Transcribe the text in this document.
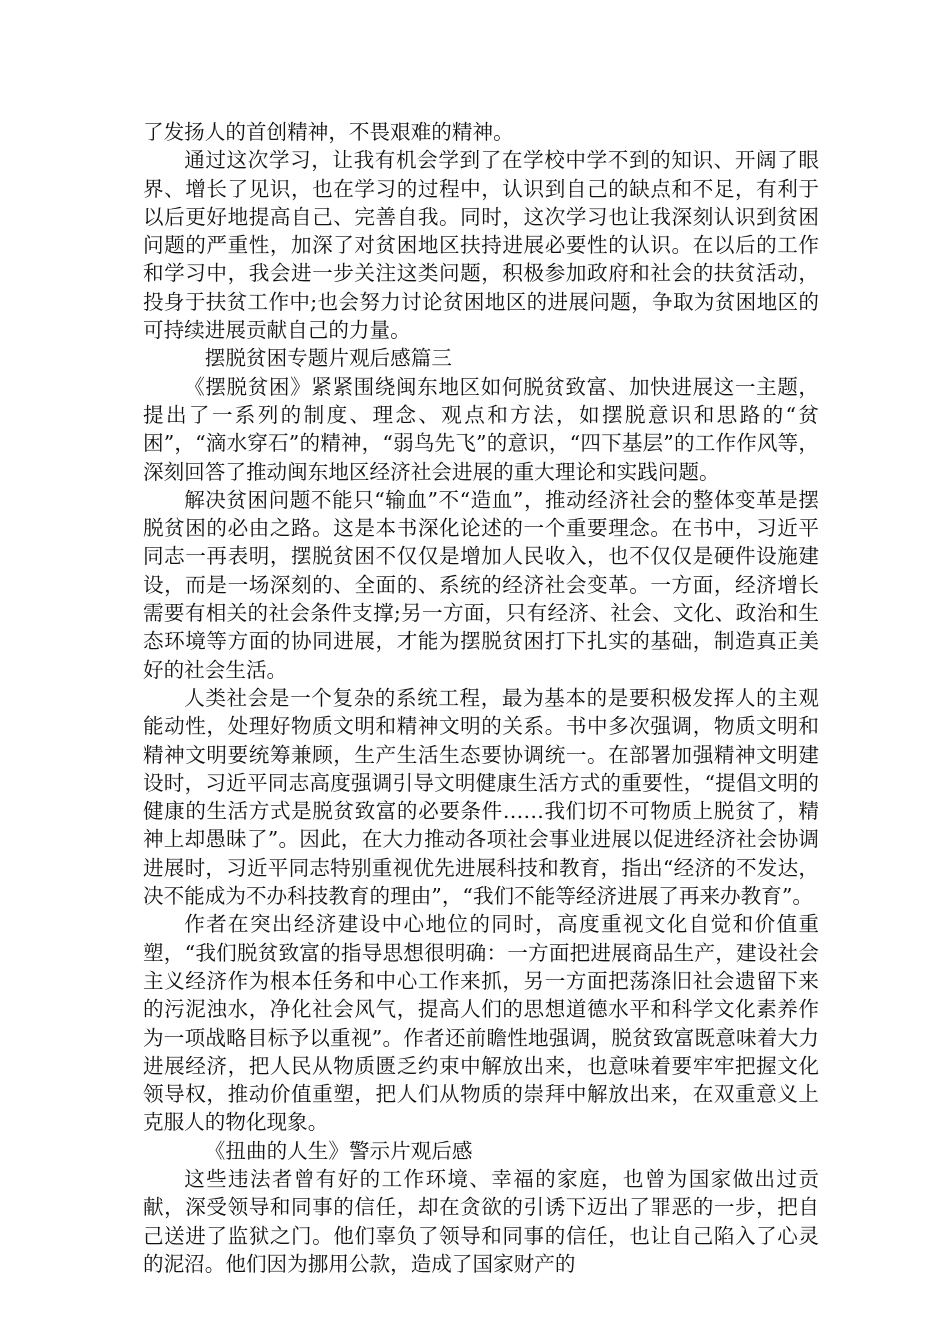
了发扬人的首创精神，不畏艰难的精神。

通过这次学习，让我有机会学到了在学校中学不到的知识、开阔了眼界、增长了见识，也在学习的过程中，认识到自己的缺点和不足，有利于以后更好地提高自己、完善自我。同时，这次学习也让我深刻认识到贫困问题的严重性，加深了对贫困地区扶持进展必要性的认识。在以后的工作和学习中，我会进一步关注这类问题，积极参加政府和社会的扶贫活动，投身于扶贫工作中;也会努力讨论贫困地区的进展问题，争取为贫困地区的可持续进展贡献自己的力量。

摆脱贫困专题片观后感篇三

《摆脱贫困》紧紧围绕闽东地区如何脱贫致富、加快进展这一主题，提出了一系列的制度、理念、观点和方法，如摆脱意识和思路的“贫困”，“滴水穿石”的精神，“弱鸟先飞”的意识，“四下基层”的工作作风等，深刻回答了推动闽东地区经济社会进展的重大理论和实践问题。

解决贫困问题不能只“输血”不“造血”，推动经济社会的整体变革是摆脱贫困的必由之路。这是本书深化论述的一个重要理念。在书中，习近平同志一再表明，摆脱贫困不仅仅是增加人民收入，也不仅仅是硬件设施建设，而是一场深刻的、全面的、系统的经济社会变革。一方面，经济增长需要有相关的社会条件支撑;另一方面，只有经济、社会、文化、政治和生态环境等方面的协同进展，才能为摆脱贫困打下扎实的基础，制造真正美好的社会生活。

人类社会是一个复杂的系统工程，最为基本的是要积极发挥人的主观能动性，处理好物质文明和精神文明的关系。书中多次强调，物质文明和精神文明要统筹兼顾，生产生活生态要协调统一。在部署加强精神文明建设时，习近平同志高度强调引导文明健康生活方式的重要性，“提倡文明的健康的生活方式是脱贫致富的必要条件……我们切不可物质上脱贫了，精神上却愚昧了”。因此，在大力推动各项社会事业进展以促进经济社会协调进展时，习近平同志特别重视优先进展科技和教育，指出“经济的不发达，决不能成为不办科技教育的理由”，“我们不能等经济进展了再来办教育”。

作者在突出经济建设中心地位的同时，高度重视文化自觉和价值重塑，“我们脱贫致富的指导思想很明确：一方面把进展商品生产，建设社会主义经济作为根本任务和中心工作来抓，另一方面把荡涤旧社会遗留下来的污泥浊水，净化社会风气，提高人们的思想道德水平和科学文化素养作为一项战略目标予以重视”。作者还前瞻性地强调，脱贫致富既意味着大力进展经济，把人民从物质匮乏约束中解放出来，也意味着要牢牢把握文化领导权，推动价值重塑，把人们从物质的崇拜中解放出来，在双重意义上克服人的物化现象。

《扭曲的人生》警示片观后感

这些违法者曾有好的工作环境、幸福的家庭，也曾为国家做出过贡献，深受领导和同事的信任，却在贪欲的引诱下迈出了罪恶的一步，把自己送进了监狱之门。他们辜负了领导和同事的信任，也让自己陷入了心灵的泥沼。他们因为挪用公款，造成了国家财产的
